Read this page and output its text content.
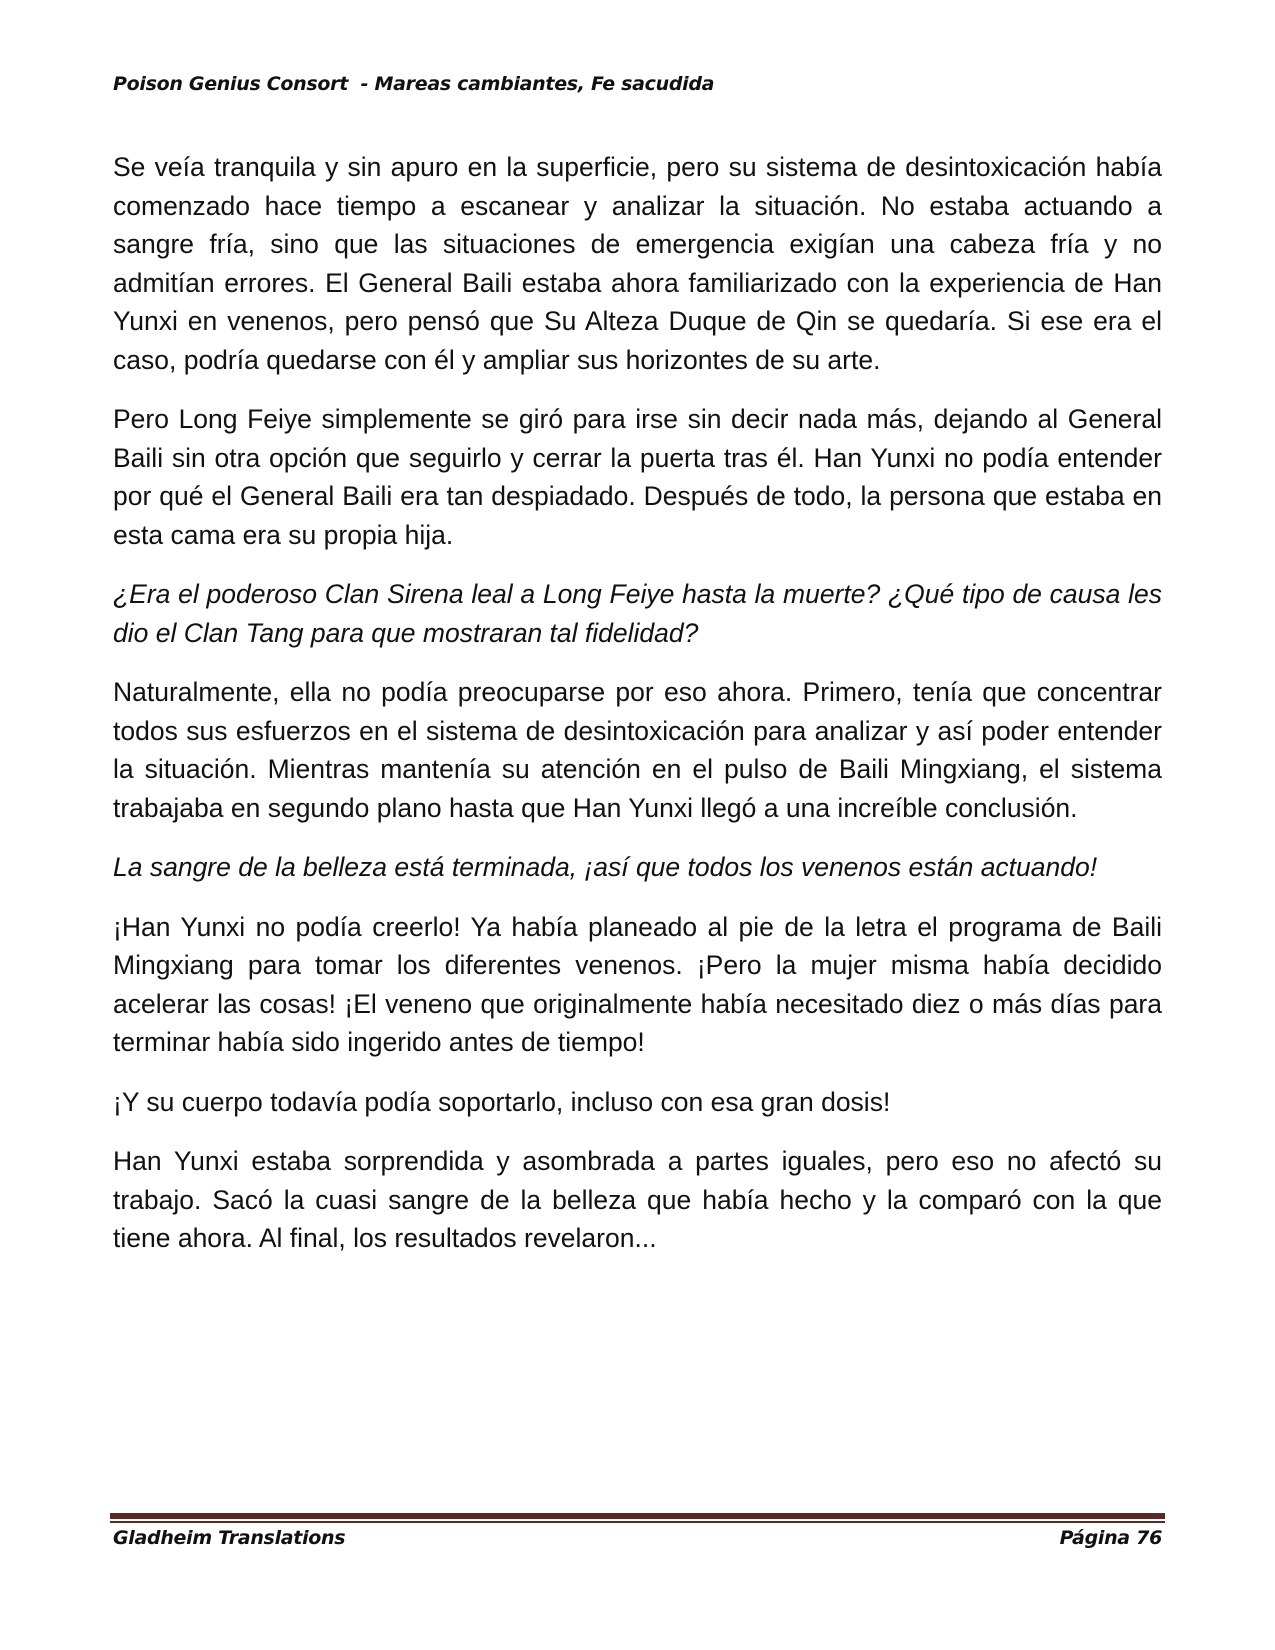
Poison Genius Consort  - Mareas cambiantes, Fe sacudida

Se veía tranquila y sin apuro en la superficie, pero su sistema de desintoxicación había comenzado hace tiempo a escanear y analizar la situación. No estaba actuando a sangre fría, sino que las situaciones de emergencia exigían una cabeza fría y no admitían errores. El General Baili estaba ahora familiarizado con la experiencia de Han Yunxi en venenos, pero pensó que Su Alteza Duque de Qin se quedaría. Si ese era el caso, podría quedarse con él y ampliar sus horizontes de su arte.

Pero Long Feiye simplemente se giró para irse sin decir nada más, dejando al General Baili sin otra opción que seguirlo y cerrar la puerta tras él. Han Yunxi no podía entender por qué el General Baili era tan despiadado. Después de todo, la persona que estaba en esta cama era su propia hija.

¿Era el poderoso Clan Sirena leal a Long Feiye hasta la muerte? ¿Qué tipo de causa les dio el Clan Tang para que mostraran tal fidelidad?

Naturalmente, ella no podía preocuparse por eso ahora. Primero, tenía que concentrar todos sus esfuerzos en el sistema de desintoxicación para analizar y así poder entender la situación. Mientras mantenía su atención en el pulso de Baili Mingxiang, el sistema trabajaba en segundo plano hasta que Han Yunxi llegó a una increíble conclusión.

La sangre de la belleza está terminada, ¡así que todos los venenos están actuando!

¡Han Yunxi no podía creerlo! Ya había planeado al pie de la letra el programa de Baili Mingxiang para tomar los diferentes venenos. ¡Pero la mujer misma había decidido acelerar las cosas! ¡El veneno que originalmente había necesitado diez o más días para terminar había sido ingerido antes de tiempo!

¡Y su cuerpo todavía podía soportarlo, incluso con esa gran dosis!

Han Yunxi estaba sorprendida y asombrada a partes iguales, pero eso no afectó su trabajo. Sacó la cuasi sangre de la belleza que había hecho y la comparó con la que tiene ahora. Al final, los resultados revelaron...

Gladheim Translations	Página 76
